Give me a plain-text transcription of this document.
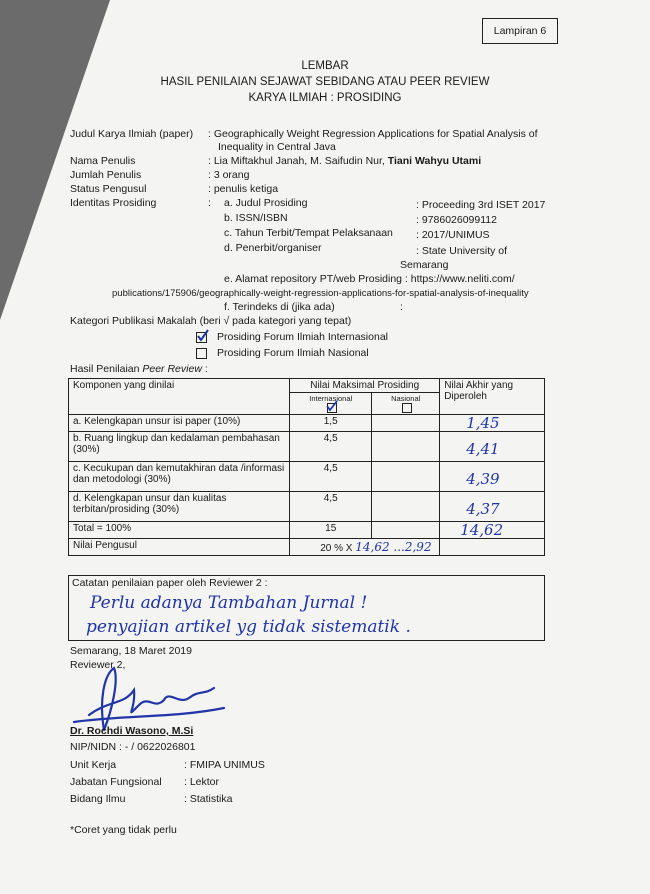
Lampiran 6
LEMBAR
HASIL PENILAIAN SEJAWAT SEBIDANG ATAU PEER REVIEW
KARYA ILMIAH : PROSIDING
Judul Karya Ilmiah (paper) : Geographically Weight Regression Applications for Spatial Analysis of
Inequality in Central Java
Nama Penulis	: Lia Miftakhul Janah, M. Saifudin Nur, Tiani Wahyu Utami
Jumlah Penulis	: 3 orang
Status Pengusul	: penulis ketiga
Identitas Prosiding	: a. Judul Prosiding	: Proceeding 3rd ISET 2017
b. ISSN/ISBN	: 9786026099112
c. Tahun Terbit/Tempat Pelaksanaan : 2017/UNIMUS
d. Penerbit/organiser	: State University of
Semarang
e. Alamat repository PT/web Prosiding : https://www.neliti.com/
publications/175906/geographically-weight-regression-applications-for-spatial-analysis-of-inequality
f. Terindeks di (jika ada)	:
Kategori Publikasi Makalah (beri √ pada kategori yang tepat)
Prosiding Forum Ilmiah Internasional
Prosiding Forum Ilmiah Nasional
Hasil Penilaian Peer Review :
Komponen yang dinilai	Nilai Maksimal Prosiding		Nilai Akhir yang Diperoleh
	Internasional	Nasional	

a. Kelengkapan unsur isi paper (10%)	1,5		1,45
b. Ruang lingkup dan kedalaman pembahasan (30%)	4,5		4,41
c. Kecukupan dan kemutakhiran data /informasi dan metodologi (30%)	4,5		4,39
d. Kelengkapan unsur dan kualitas terbitan/prosiding (30%)	4,5		4,37
Total = 100%	15		14,62
Nilai Pengusul	20 % X 14,62 ...2,92		
Catatan penilaian paper oleh Reviewer 2 :
Perlu adanya Tambahan Jurnal !
penyajian artikel yg tidak sistematik .
Semarang, 18 Maret 2019
Reviewer 2,
Dr. Rochdi Wasono, M.Si
NIP/NIDN : - / 0622026801
Unit Kerja	: FMIPA UNIMUS
Jabatan Fungsional : Lektor
Bidang Ilmu	: Statistika
*Coret yang tidak perlu
